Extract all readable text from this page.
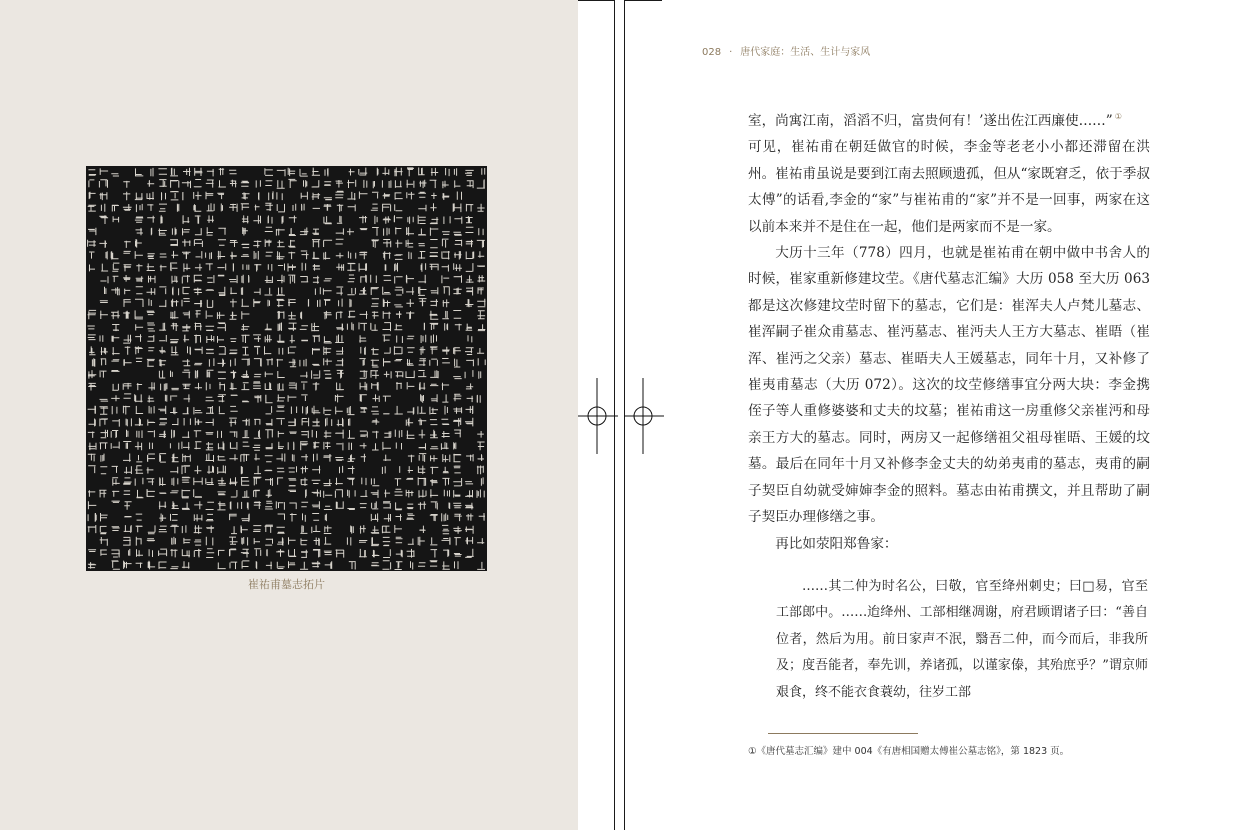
崔祐甫墓志拓片
028 · 唐代家庭：生活、生计与家风

室，尚寓江南，滔滔不归，富贵何有！’遂出佐江西廉使……” ①

可见，崔祐甫在朝廷做官的时候，李金等老老小小都还滞留在洪州。崔祐甫虽说是要到江南去照顾遗孤，但从“家既窘乏，依于季叔太傅”的话看,李金的“家”与崔祐甫的“家”并不是一回事，两家在这以前本来并不是住在一起，他们是两家而不是一家。

大历十三年（778）四月，也就是崔祐甫在朝中做中书舍人的时候，崔家重新修建坟茔。《唐代墓志汇编》大历 058 至大历 063 都是这次修建坟茔时留下的墓志，它们是：崔浑夫人卢梵儿墓志、崔浑嗣子崔众甫墓志、崔沔墓志、崔沔夫人王方大墓志、崔晤（崔浑、崔沔之父亲）墓志、崔晤夫人王媛墓志，同年十月，又补修了崔夷甫墓志（大历 072）。这次的坟茔修缮事宜分两大块：李金携侄子等人重修婆婆和丈夫的坟墓；崔祐甫这一房重修父亲崔沔和母亲王方大的墓志。同时，两房又一起修缮祖父祖母崔晤、王媛的坟墓。最后在同年十月又补修李金丈夫的幼弟夷甫的墓志，夷甫的嗣子契臣自幼就受婶婶李金的照料。墓志由祐甫撰文，并且帮助了嗣子契臣办理修缮之事。

再比如荥阳郑鲁家：

……其二仲为时名公，曰敬，官至绛州刺史；曰□易，官至工部郎中。……迨绛州、工部相继凋谢，府君顾谓诸子曰：“善自位者，然后为用。前日家声不泯，翳吾二仲，而今而后，非我所及；度吾能者，奉先训，养诸孤，以谨家傣，其殆庶乎？”谓京师艰食，终不能衣食蓑幼，往岁工部

①《唐代墓志汇编》建中 004《有唐相国赠太傅崔公墓志铭》，第 1823 页。
